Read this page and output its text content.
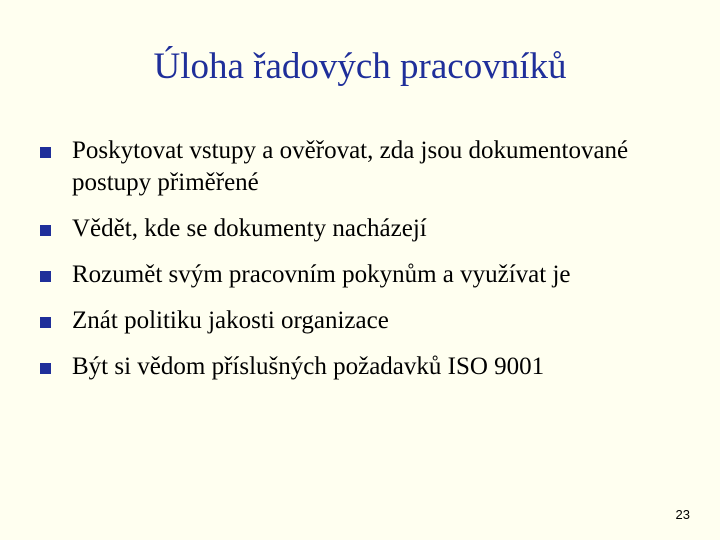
Úloha řadových pracovníků
Poskytovat vstupy a ověřovat, zda jsou dokumentované postupy přiměřené
Vědět, kde se dokumenty nacházejí
Rozumět svým pracovním pokynům a využívat je
Znát politiku jakosti organizace
Být si vědom příslušných požadavků ISO 9001
23
